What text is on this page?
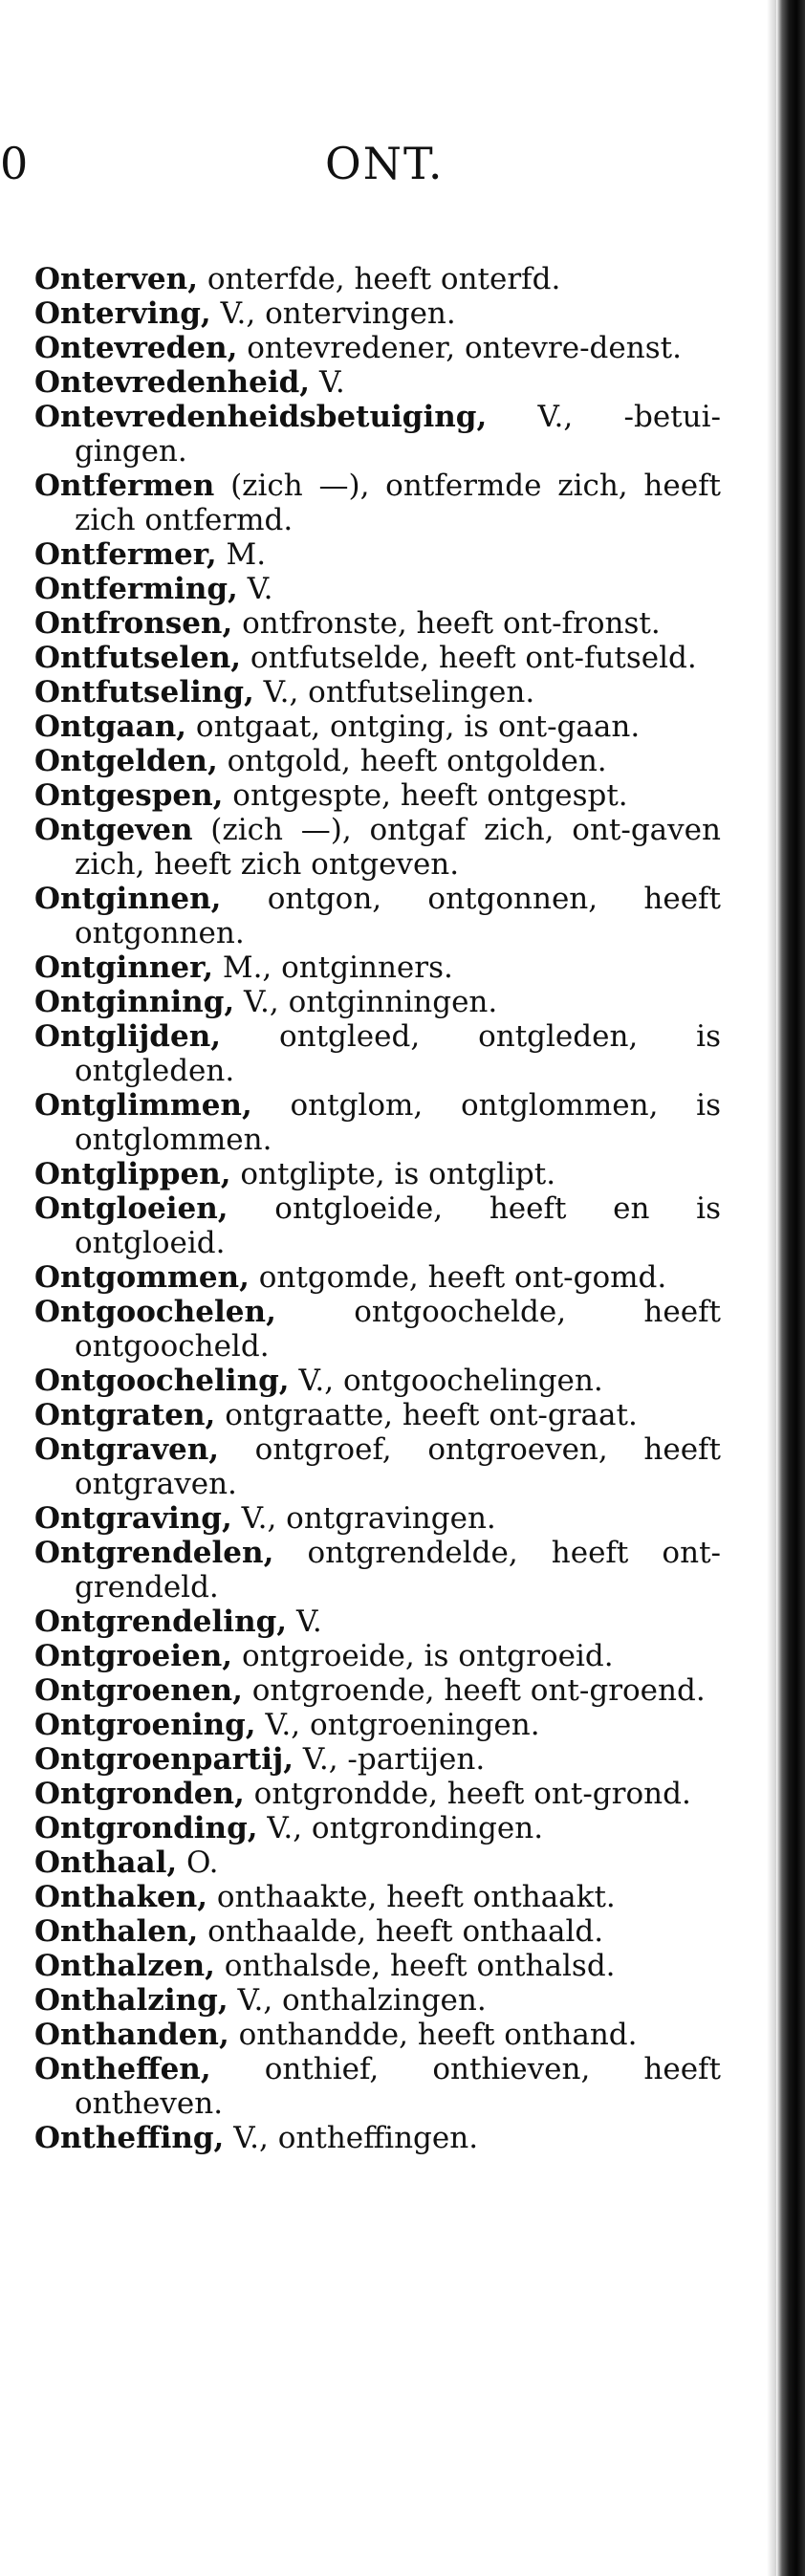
0	ONT.

Onterven, onterfde, heeft onterfd.

Onterving, V., ontervingen.

Ontevreden, ontevredener, ontevre-denst.

Ontevredenheid, V.

Ontevredenheidsbetuiging, V., -betui-gingen.

Ontfermen (zich —), ontfermde zich, heeft zich ontfermd.

Ontfermer, M.

Ontferming, V.

Ontfronsen, ontfronste, heeft ont-fronst.

Ontfutselen, ontfutselde, heeft ont-futseld.

Ontfutseling, V., ontfutselingen.

Ontgaan, ontgaat, ontging, is ont-gaan.

Ontgelden, ontgold, heeft ontgolden.

Ontgespen, ontgespte, heeft ontgespt.

Ontgeven (zich —), ontgaf zich, ont-gaven zich, heeft zich ontgeven.

Ontginnen, ontgon, ontgonnen, heeft ontgonnen.

Ontginner, M., ontginners.

Ontginning, V., ontginningen.

Ontglijden, ontgleed, ontgleden, is ontgleden.

Ontglimmen, ontglom, ontglommen, is ontglommen.

Ontglippen, ontglipte, is ontglipt.

Ontgloeien, ontgloeide, heeft en is ontgloeid.

Ontgommen, ontgomde, heeft ont-gomd.

Ontgoochelen, ontgoochelde, heeft ontgoocheld.

Ontgoocheling, V., ontgoochelingen.

Ontgraten, ontgraatte, heeft ont-graat.

Ontgraven, ontgroef, ontgroeven, heeft ontgraven.

Ontgraving, V., ontgravingen.

Ontgrendelen, ontgrendelde, heeft ont-grendeld.

Ontgrendeling, V.

Ontgroeien, ontgroeide, is ontgroeid.

Ontgroenen, ontgroende, heeft ont-groend.

Ontgroening, V., ontgroeningen.

Ontgroenpartij, V., -partijen.

Ontgronden, ontgrondde, heeft ont-grond.

Ontgronding, V., ontgrondingen.

Onthaal, O.

Onthaken, onthaakte, heeft onthaakt.

Onthalen, onthaalde, heeft onthaald.

Onthalzen, onthalsde, heeft onthalsd.

Onthalzing, V., onthalzingen.

Onthanden, onthandde, heeft onthand.

Ontheffen, onthief, onthieven, heeft ontheven.

Ontheffing, V., ontheffingen.
